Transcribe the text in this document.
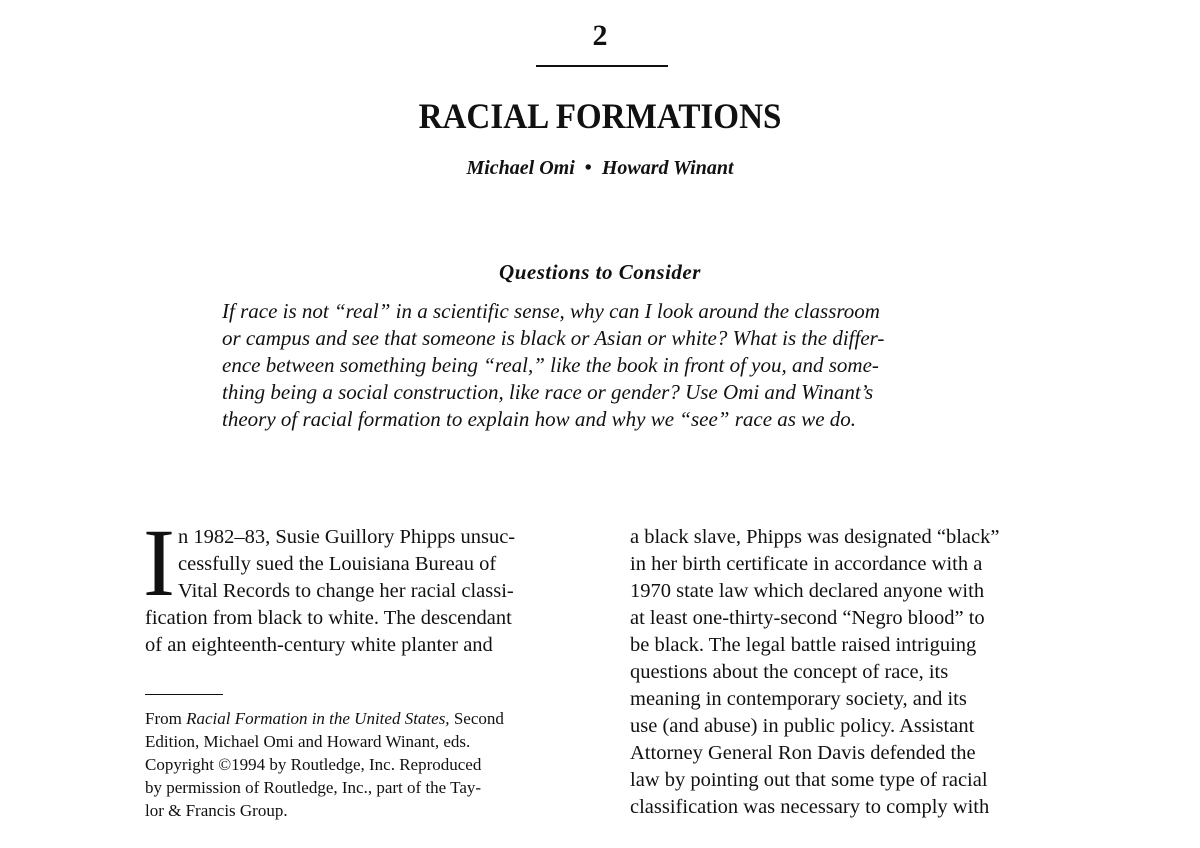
2
RACIAL FORMATIONS
Michael Omi • Howard Winant
Questions to Consider
If race is not “real” in a scientific sense, why can I look around the classroom
or campus and see that someone is black or Asian or white? What is the differ-
ence between something being “real,” like the book in front of you, and some-
thing being a social construction, like race or gender? Use Omi and Winant’s
theory of racial formation to explain how and why we “see” race as we do.
I n 1982–83, Susie Guillory Phipps unsuc-
cessfully sued the Louisiana Bureau of
Vital Records to change her racial classi-
fication from black to white. The descendant
of an eighteenth-century white planter and
a black slave, Phipps was designated “black”
in her birth certificate in accordance with a
1970 state law which declared anyone with
at least one-thirty-second “Negro blood” to
be black. The legal battle raised intriguing
questions about the concept of race, its
meaning in contemporary society, and its
use (and abuse) in public policy. Assistant
Attorney General Ron Davis defended the
law by pointing out that some type of racial
classification was necessary to comply with
From Racial Formation in the United States, Second
Edition, Michael Omi and Howard Winant, eds.
Copyright ©1994 by Routledge, Inc. Reproduced
by permission of Routledge, Inc., part of the Tay-
lor & Francis Group.
